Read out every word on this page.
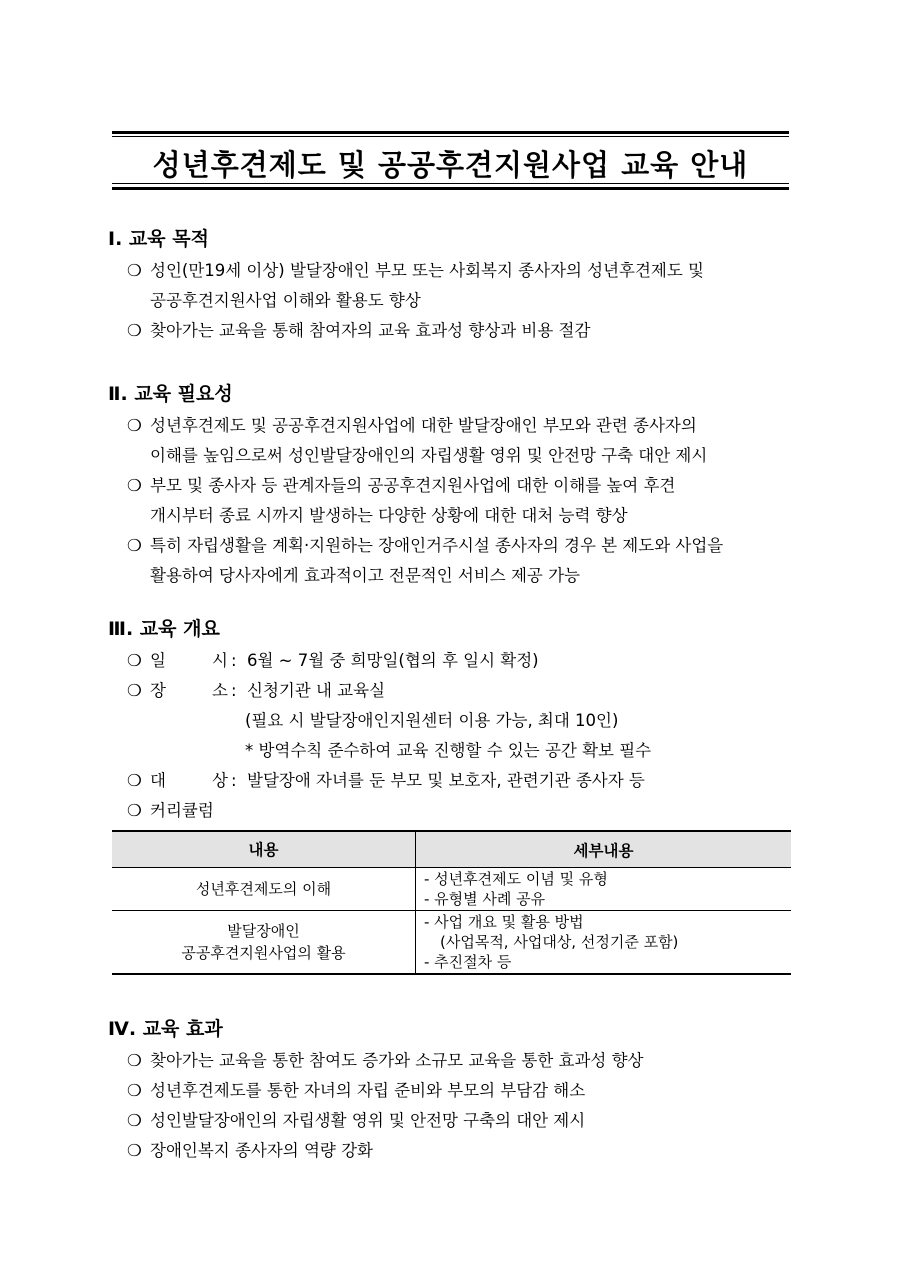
성년후견제도 및 공공후견지원사업 교육 안내
Ⅰ. 교육 목적
❍ 성인(만19세 이상) 발달장애인 부모 또는 사회복지 종사자의 성년후견제도 및
공공후견지원사업 이해와 활용도 향상
❍ 찾아가는 교육을 통해 참여자의 교육 효과성 향상과 비용 절감
Ⅱ. 교육 필요성
❍ 성년후견제도 및 공공후견지원사업에 대한 발달장애인 부모와 관련 종사자의
이해를 높임으로써 성인발달장애인의 자립생활 영위 및 안전망 구축 대안 제시
❍ 부모 및 종사자 등 관계자들의 공공후견지원사업에 대한 이해를 높여 후견
개시부터 종료 시까지 발생하는 다양한 상황에 대한 대처 능력 향상
❍ 특히 자립생활을 계획·지원하는 장애인거주시설 종사자의 경우 본 제도와 사업을
활용하여 당사자에게 효과적이고 전문적인 서비스 제공 가능
Ⅲ. 교육 개요
❍ 일	시 : 6월 ~ 7월 중 희망일(협의 후 일시 확정)
❍ 장	소 : 신청기관 내 교육실
(필요 시 발달장애인지원센터 이용 가능, 최대 10인)
* 방역수칙 준수하여 교육 진행할 수 있는 공간 확보 필수
❍ 대	상 : 발달장애 자녀를 둔 부모 및 보호자, 관련기관 종사자 등
❍ 커리큘럼
내용	세부내용

성년후견제도의 이해	- 성년후견제도 이념 및 유형
- 유형별 사례 공유

발달장애인
공공후견지원사업의 활용	- 사업 개요 및 활용 방법
(사업목적, 사업대상, 선정기준 포함)
- 추진절차 등
Ⅳ. 교육 효과
❍ 찾아가는 교육을 통한 참여도 증가와 소규모 교육을 통한 효과성 향상
❍ 성년후견제도를 통한 자녀의 자립 준비와 부모의 부담감 해소
❍ 성인발달장애인의 자립생활 영위 및 안전망 구축의 대안 제시
❍ 장애인복지 종사자의 역량 강화
